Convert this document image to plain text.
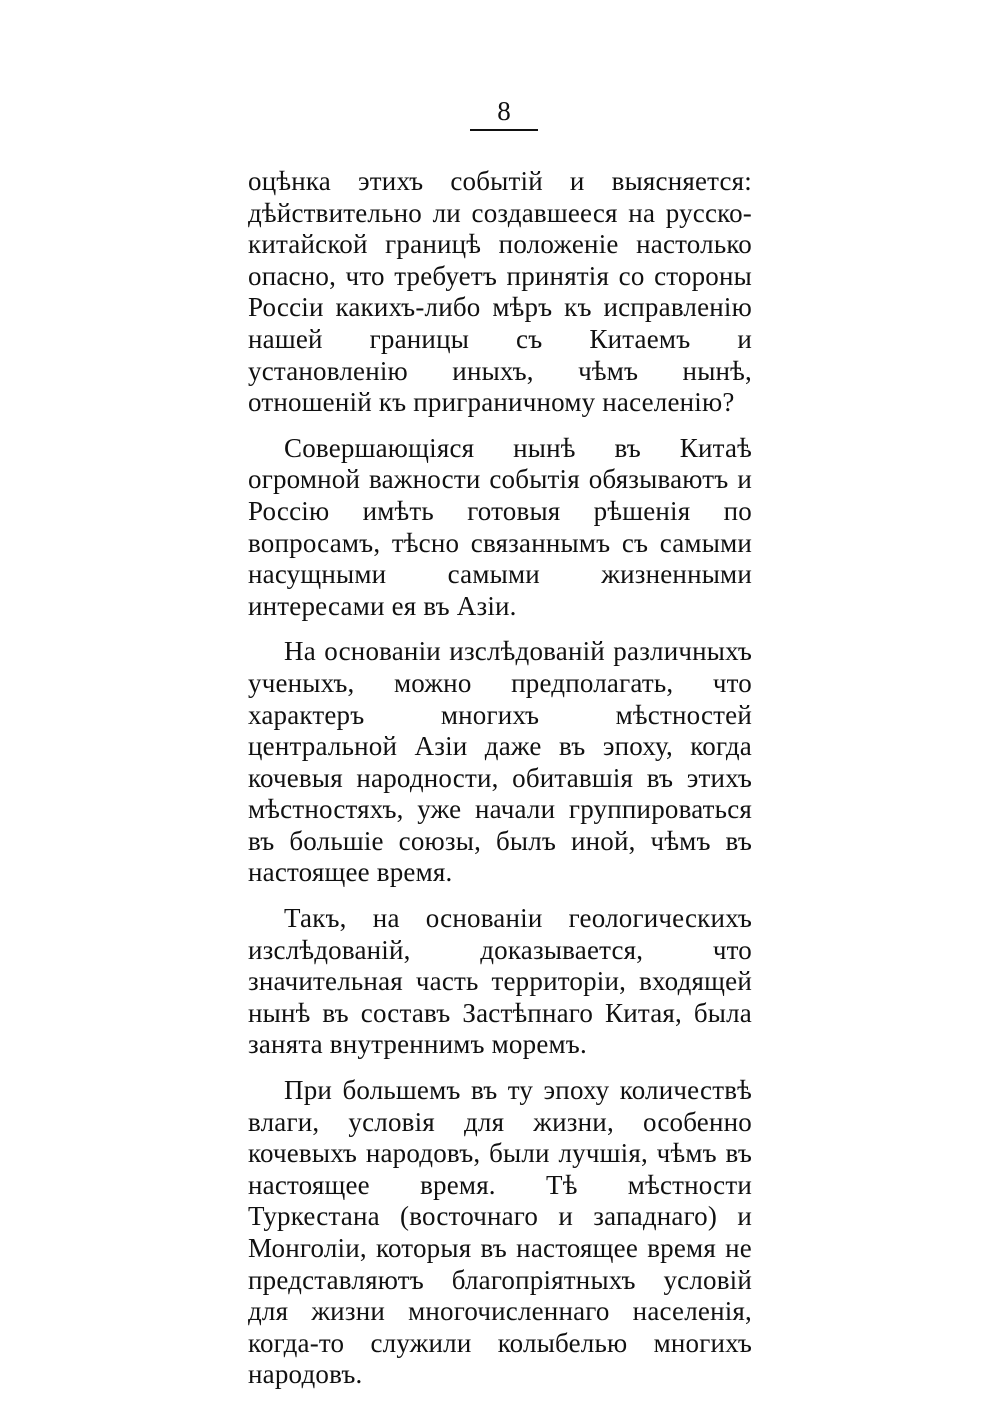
8

оцѣнка этихъ событій и выясняется: дѣйствительно ли создавшееся на русско-китайской границѣ положеніе настолько опасно, что требуетъ принятія со стороны Россіи какихъ-либо мѣръ къ исправленію нашей границы съ Китаемъ и установленію иныхъ, чѣмъ нынѣ, отношеній къ приграничному населенію?

Совершающіяся нынѣ въ Китаѣ огромной важности событія обязываютъ и Россію имѣть готовыя рѣшенія по вопросамъ, тѣсно связаннымъ съ самыми насущными самыми жизненными интересами ея въ Азіи.

На основаніи изслѣдованій различныхъ ученыхъ, можно предполагать, что характеръ многихъ мѣстностей центральной Азіи даже въ эпоху, когда кочевыя народности, обитавшія въ этихъ мѣстностяхъ, уже начали группироваться въ большіе союзы, былъ иной, чѣмъ въ настоящее время.

Такъ, на основаніи геологическихъ изслѣдованій, доказывается, что значительная часть территоріи, входящей нынѣ въ составъ Застѣпнаго Китая, была занята внутреннимъ моремъ.

При большемъ въ ту эпоху количествѣ влаги, условія для жизни, особенно кочевыхъ народовъ, были лучшія, чѣмъ въ настоящее время. Тѣ мѣстности Туркестана (восточнаго и западнаго) и Монголіи, которыя въ настоящее время не представляютъ благопріятныхъ условій для жизни многочисленнаго населенія, когда-то служили колыбелью многихъ народовъ.
